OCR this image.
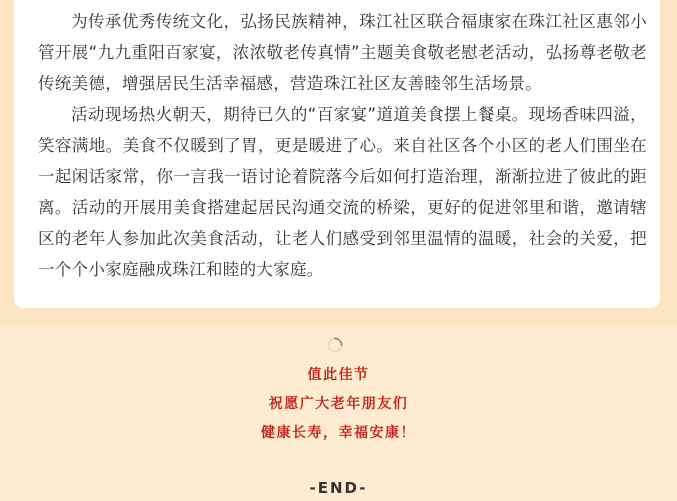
为传承优秀传统文化，弘扬民族精神，珠江社区联合福康家在珠江社区惠邻小管开展“九九重阳百家宴，浓浓敬老传真情”主题美食敬老慰老活动，弘扬尊老敬老传统美德，增强居民生活幸福感，营造珠江社区友善睦邻生活场景。

活动现场热火朝天，期待已久的“百家宴”道道美食摆上餐桌。现场香味四溢，笑容满地。美食不仅暖到了胃，更是暖进了心。来自社区各个小区的老人们围坐在一起闲话家常，你一言我一语讨论着院落今后如何打造治理，渐渐拉进了彼此的距离。活动的开展用美食搭建起居民沟通交流的桥梁，更好的促进邻里和谐，邀请辖区的老年人参加此次美食活动，让老人们感受到邻里温情的温暖，社会的关爱，把一个个小家庭融成珠江和睦的大家庭。

值此佳节
祝愿广大老年朋友们
健康长寿，幸福安康！
-END-
